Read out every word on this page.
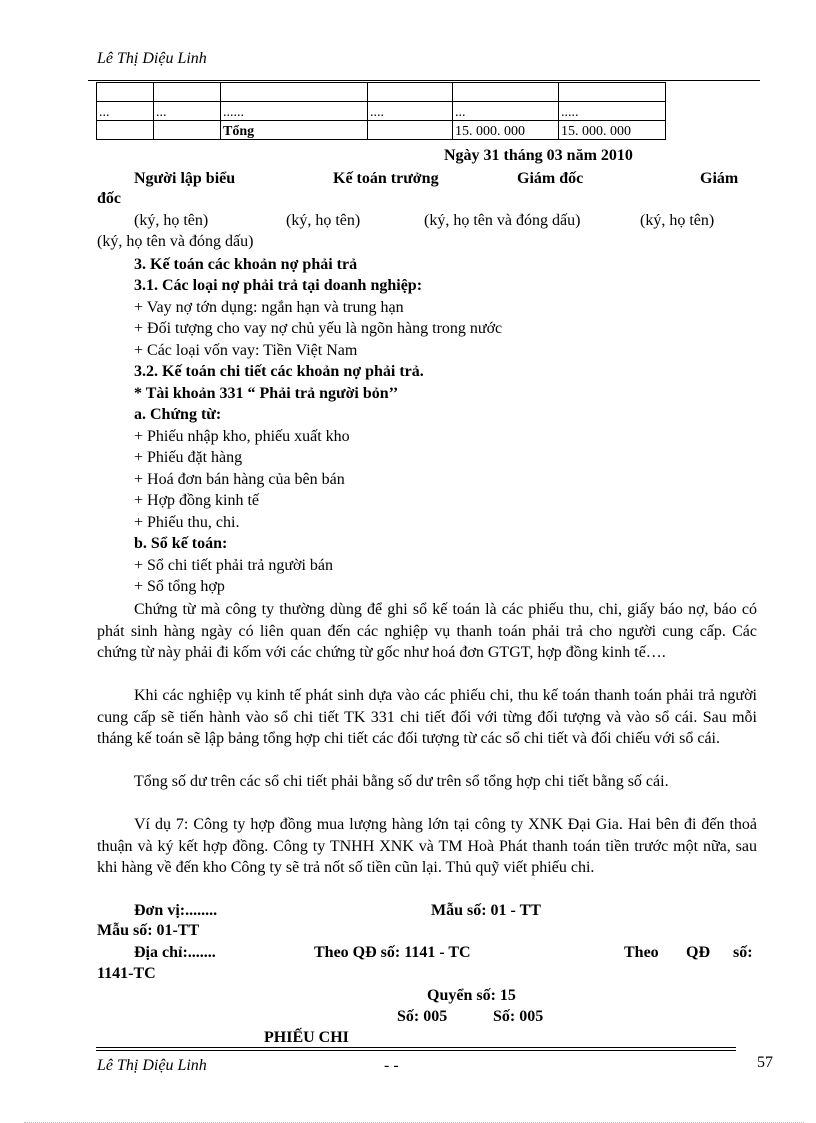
Lê Thị Diệu Linh

...	...	......	....	...	.....
		Tổng		15. 000. 000	15. 000. 000
Ngày 31 tháng 03 năm 2010
Người lập biểu	Kế toán trưởng	Giám đốc	Giám
đốc
(ký, họ tên)	(ký, họ tên)	(ký, họ tên và đóng dấu)	(ký, họ tên)
(ký, họ tên và đóng dấu)
3. Kế toán các khoản nợ phải trả
3.1. Các loại nợ phải trả tại doanh nghiệp:
+ Vay nợ tớn dụng: ngắn hạn và trung hạn
+ Đối tượng cho vay nợ chủ yếu là ngõn hàng trong nước
+ Các loại vốn vay: Tiền Việt Nam
3.2. Kế toán chi tiết các khoản nợ phải trả.
* Tài khoản 331 “ Phải trả người bỏn’’
a. Chứng từ:
+ Phiếu nhập kho, phiếu xuất kho
+ Phiếu đặt hàng
+ Hoá đơn bán hàng của bên bán
+ Hợp đồng kinh tế
+ Phiếu thu, chi.
b. Sổ kế toán:
+ Sổ chi tiết phải trả người bán
+ Sổ tổng hợp
Chứng từ mà công ty thường dùng để ghi sổ kế toán là các phiếu thu, chi, giấy báo nợ, báo có phát sinh hàng ngày có liên quan đến các nghiệp vụ thanh toán phải trả cho người cung cấp. Các chứng từ này phải đi kốm với các chứng từ gốc như hoá đơn GTGT, hợp đồng kinh tế….
Khi các nghiệp vụ kinh tế phát sinh dựa vào các phiếu chi, thu kế toán thanh toán phải trả người cung cấp sẽ tiến hành vào sổ chi tiết TK 331 chi tiết đối với từng đối tượng và vào sổ cái. Sau mỗi tháng kế toán sẽ lập bảng tổng hợp chi tiết các đối tượng từ các sổ chi tiết và đối chiếu với sổ cái.
Tổng số dư trên các sổ chi tiết phải bằng số dư trên sổ tổng hợp chi tiết bằng số cái.
Ví dụ 7: Công ty hợp đồng mua lượng hàng lớn tại công ty XNK Đại Gia. Hai bên đi đến thoả thuận và ký kết hợp đồng. Công ty TNHH XNK và TM Hoà Phát thanh toán tiền trước một nữa, sau khi hàng về đến kho Công ty sẽ trả nốt số tiền cũn lại. Thủ quỹ viết phiếu chi.
Đơn vị:........	Mẫu số: 01 - TT
Mẫu số: 01-TT
Địa chỉ:.......	Theo QĐ số: 1141 - TC	Theo QĐ số:
1141-TC
Quyển số: 15
Số: 005	Số: 005
PHIẾU CHI
Lê Thị Diệu Linh	- -	57
